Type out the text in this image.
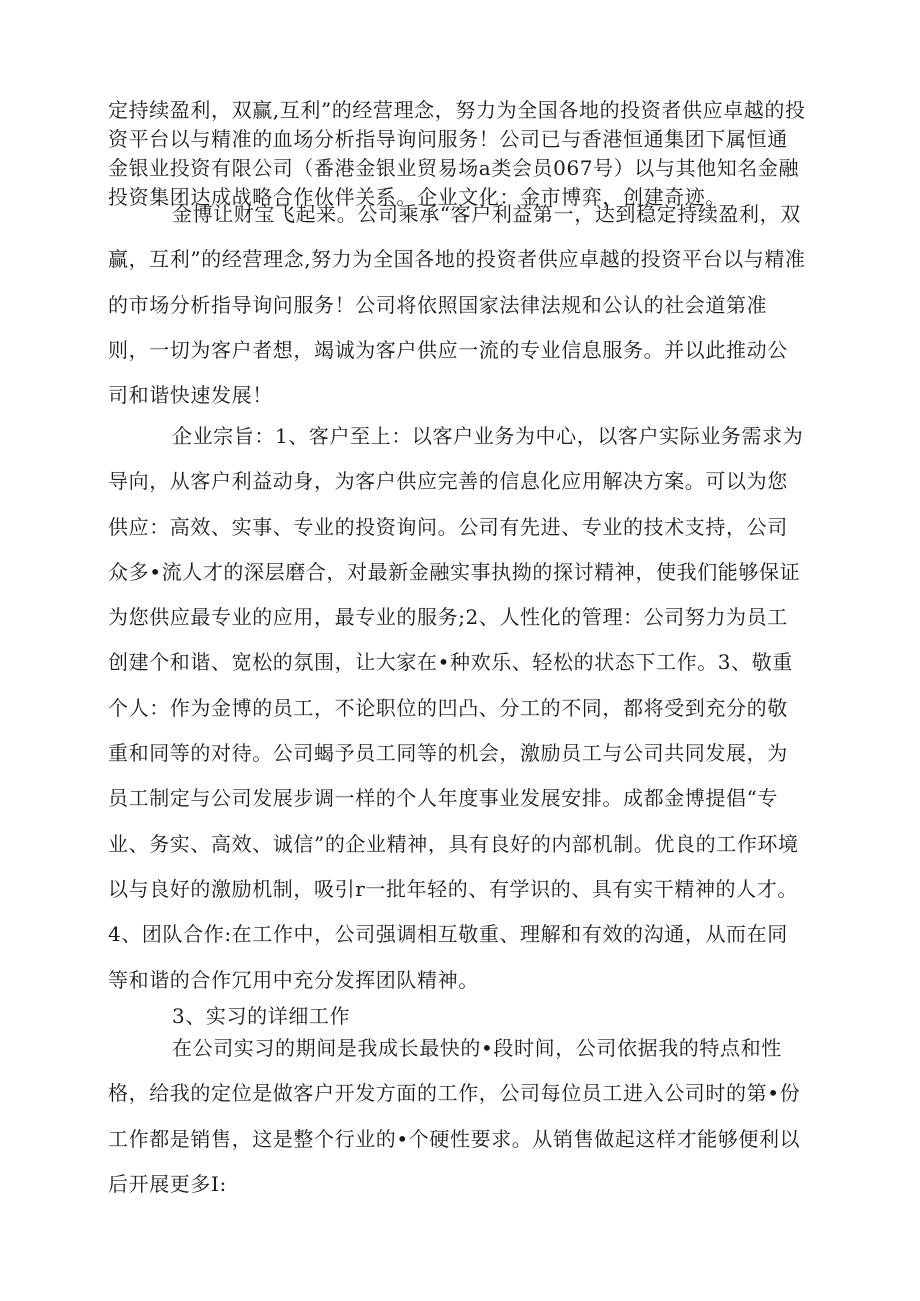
定持续盈利，双赢,互利”的经营理念，努力为全国各地的投资者供应卓越的投资平台以与精准的血场分析指导询问服务！公司已与香港恒通集团下属恒通金银业投资有限公司（番港金银业贸易场a类会员067号）以与其他知名金融投资集团达成战略合作伙伴关系。企业文化：金市博弈，创建奇迹。

金博让财宝飞起来。公司乘承“客户利益第一，达到稳定持续盈利，双赢，互利”的经营理念,努力为全国各地的投资者供应卓越的投资平台以与精准的市场分析指导询问服务！公司将依照国家法律法规和公认的社会道第准则，一切为客户者想，竭诚为客户供应一流的专业信息服务。并以此推动公司和谐快速发展！

企业宗旨：1、客户至上：以客户业务为中心，以客户实际业务需求为导向，从客户利益动身，为客户供应完善的信息化应用解决方案。可以为您供应：高效、实事、专业的投资询问。公司有先进、专业的技术支持，公司众多•流人才的深层磨合，对最新金融实事执拗的探讨精神，使我们能够保证为您供应最专业的应用，最专业的服务;2、人性化的管理：公司努力为员工创建个和谐、宽松的氛围，让大家在•种欢乐、轻松的状态下工作。3、敬重个人：作为金博的员工，不论职位的凹凸、分工的不同，都将受到充分的敬重和同等的对待。公司蝎予员工同等的机会，激励员工与公司共同发展，为员工制定与公司发展步调一样的个人年度事业发展安排。成都金博提倡“专业、务实、高效、诚信”的企业精神，具有良好的内部机制。优良的工作环境以与良好的激励机制，吸引r一批年轻的、有学识的、具有实干精神的人才。4、团队合作:在工作中，公司强调相互敬重、理解和有效的沟通，从而在同等和谐的合作冗用中充分发挥团队精神。

3、实习的详细工作

在公司实习的期间是我成长最快的•段时间，公司依据我的特点和性格，给我的定位是做客户开发方面的工作，公司每位员工进入公司时的第•份工作都是销售，这是整个行业的•个硬性要求。从销售做起这样才能够便利以后开展更多I:
